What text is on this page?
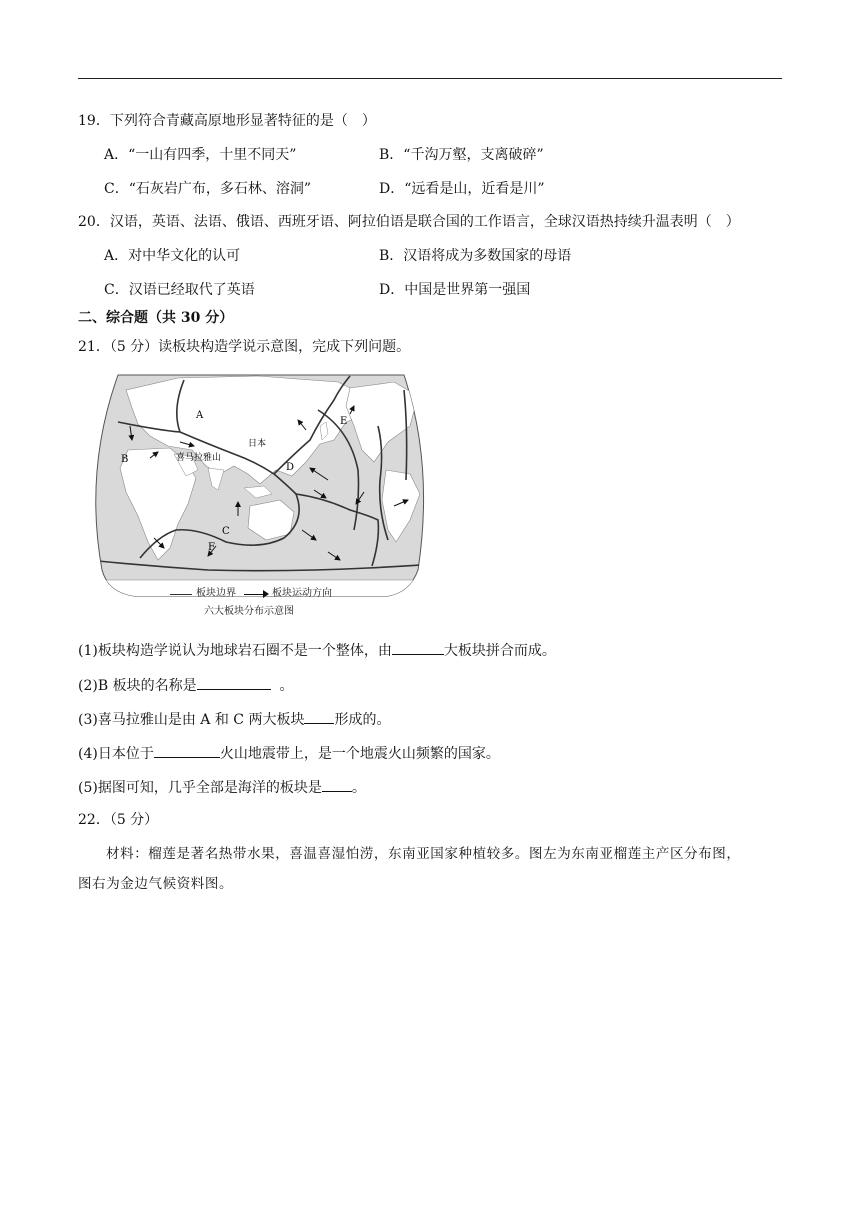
19．下列符合青藏高原地形显著特征的是（　）
A．“一山有四季，十里不同天”	B．“千沟万壑，支离破碎”
C．“石灰岩广布，多石林、溶洞”	D．“远看是山，近看是川”
20．汉语，英语、法语、俄语、西班牙语、阿拉伯语是联合国的工作语言，全球汉语热持续升温表明（　）
A．对中华文化的认可	B．汉语将成为多数国家的母语
C．汉语已经取代了英语	D．中国是世界第一强国
二、综合题（共 30 分）
21．（5 分）读板块构造学说示意图，完成下列问题。
A
B
C
D
E
F
日本
喜马拉雅山
板块边界	板块运动方向
六大板块分布示意图
(1)板块构造学说认为地球岩石圈不是一个整体，由	大板块拼合而成。
(2)B 板块的名称是	。
(3)喜马拉雅山是由 A 和 C 两大板块 形成的。
(4)日本位于	火山地震带上，是一个地震火山频繁的国家。
(5)据图可知，几乎全部是海洋的板块是 。
22．（5 分）
材料：榴莲是著名热带水果，喜温喜湿怕涝，东南亚国家种植较多。图左为东南亚榴莲主产区分布图，
图右为金边气候资料图。
